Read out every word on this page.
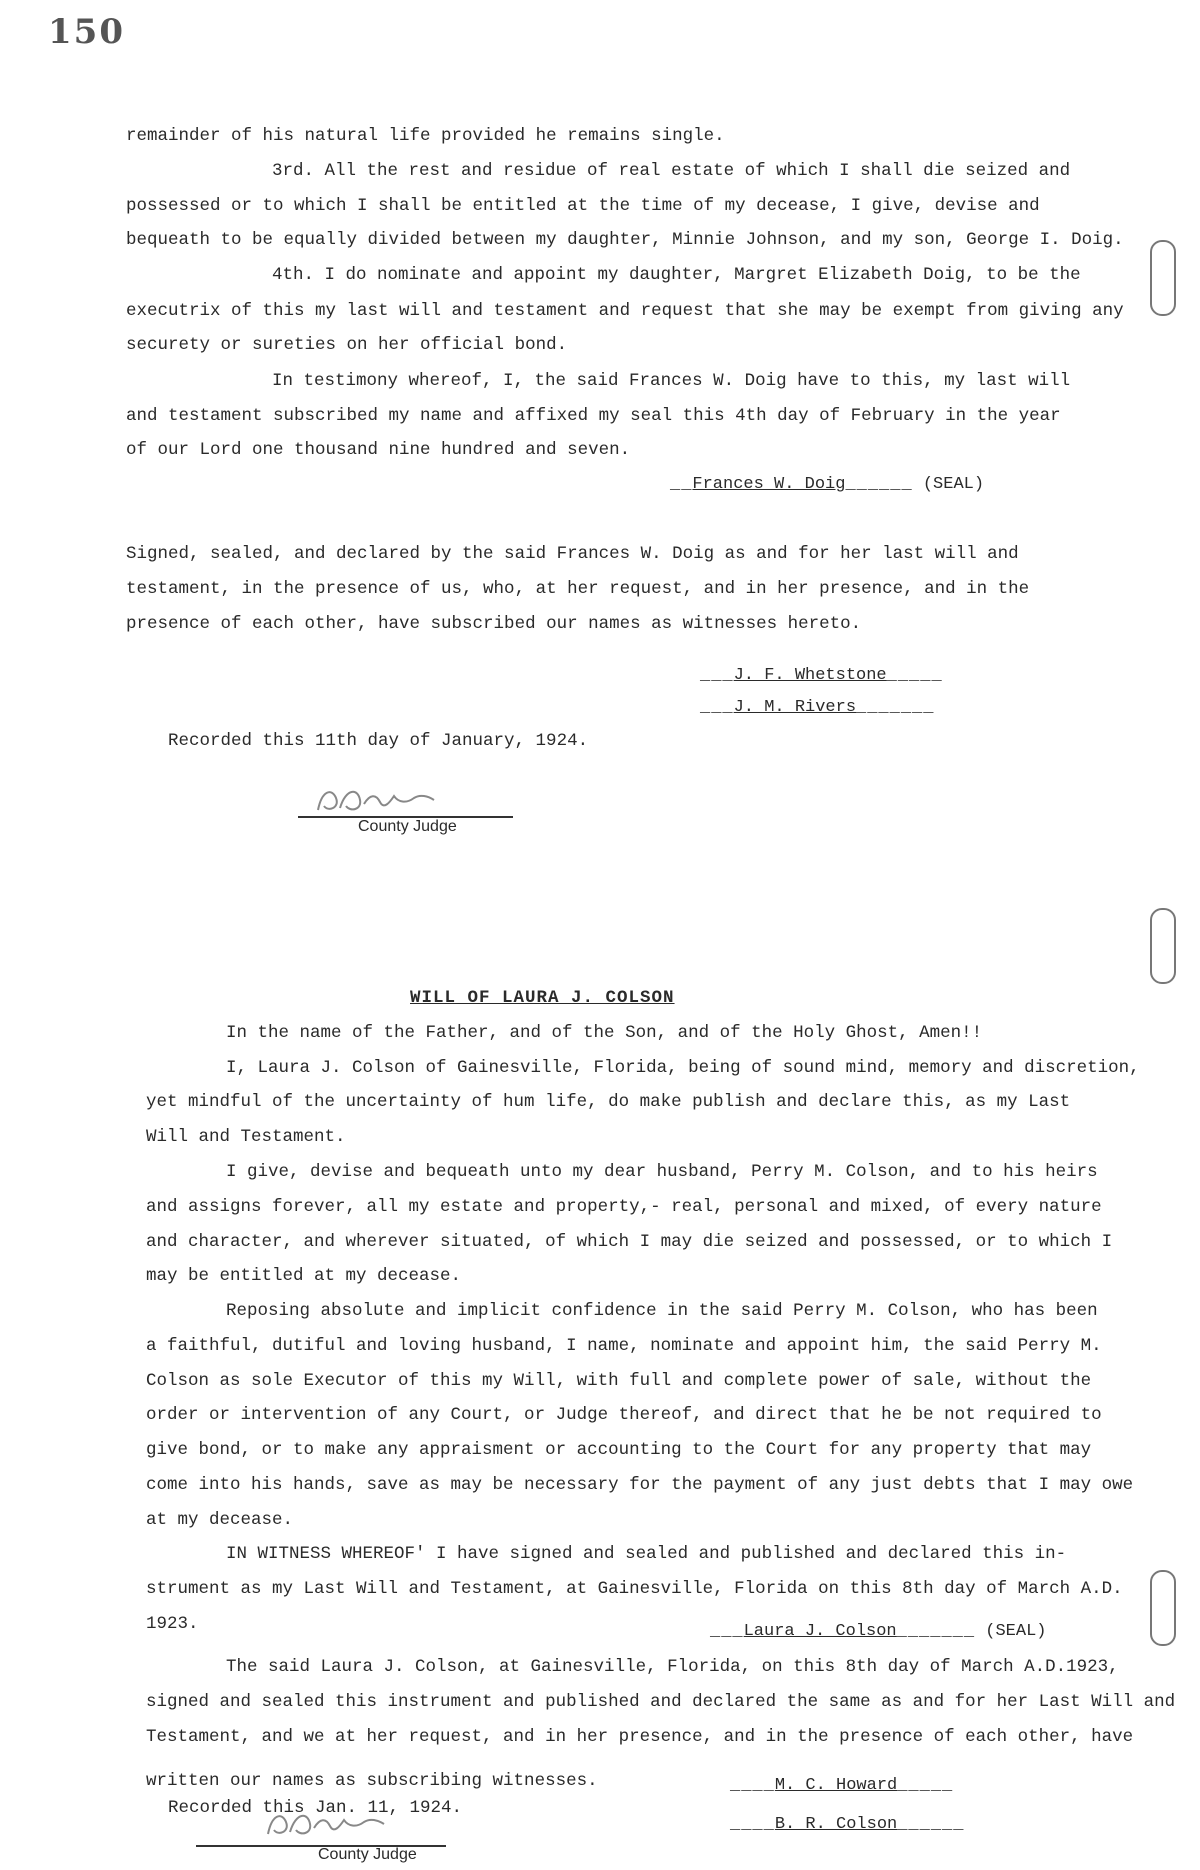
150
remainder of his natural life provided he remains single.
3rd. All the rest and residue of real estate of which I shall die seized and
possessed or to which I shall be entitled at the time of my decease, I give, devise and
bequeath to be equally divided between my daughter, Minnie Johnson, and my son, George I. Doig.
4th. I do nominate and appoint my daughter, Margret Elizabeth Doig, to be the
executrix of this my last will and testament and request that she may be exempt from giving any
securety or sureties on her official bond.
In testimony whereof, I, the said Frances W. Doig have to this, my last will
and testament subscribed my name and affixed my seal this 4th day of February in the year
of our Lord one thousand nine hundred and seven.
__Frances W. Doig______ (SEAL)
Signed, sealed, and declared by the said Frances W. Doig as and for her last will and
testament, in the presence of us, who, at her request, and in her presence, and in the
presence of each other, have subscribed our names as witnesses hereto.
___J. F. Whetstone_____
___J. M. Rivers_______
Recorded this 11th day of January, 1924.
County Judge
WILL OF LAURA J. COLSON
In the name of the Father, and of the Son, and of the Holy Ghost, Amen!!
I, Laura J. Colson of Gainesville, Florida, being of sound mind, memory and discretion,
yet mindful of the uncertainty of hum life, do make publish and declare this, as my Last
Will and Testament.
I give, devise and bequeath unto my dear husband, Perry M. Colson, and to his heirs
and assigns forever, all my estate and property,- real, personal and mixed, of every nature
and character, and wherever situated, of which I may die seized and possessed, or to which I
may be entitled at my decease.
Reposing absolute and implicit confidence in the said Perry M. Colson, who has been
a faithful, dutiful and loving husband, I name, nominate and appoint him, the said Perry M.
Colson as sole Executor of this my Will, with full and complete power of sale, without the
order or intervention of any Court, or Judge thereof, and direct that he be not required to
give bond, or to make any appraisment or accounting to the Court for any property that may
come into his hands, save as may be necessary for the payment of any just debts that I may owe
at my decease.
IN WITNESS WHEREOF' I have signed and sealed and published and declared this in-
strument as my Last Will and Testament, at Gainesville, Florida on this 8th day of March A.D.
1923.	___Laura J. Colson_______ (SEAL)
The said Laura J. Colson, at Gainesville, Florida, on this 8th day of March A.D.1923,
signed and sealed this instrument and published and declared the same as and for her Last Will and
Testament, and we at her request, and in her presence, and in the presence of each other, have
written our names as subscribing witnesses.
Recorded this Jan. 11, 1924.
____M. C. Howard_____
____B. R. Colson______
County Judge
